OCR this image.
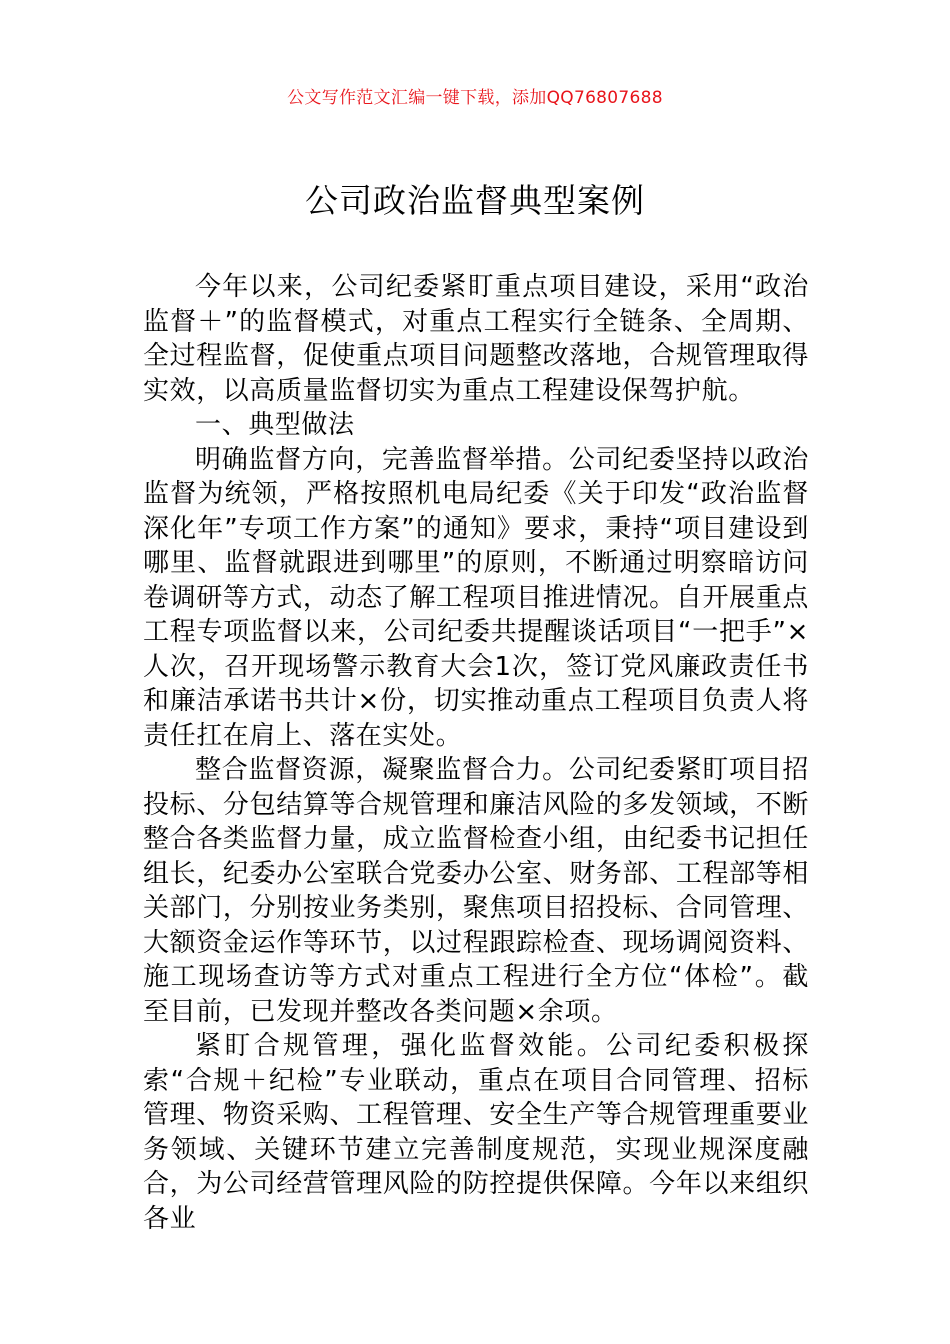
公文写作范文汇编一键下载，添加QQ76807688
公司政治监督典型案例

今年以来，公司纪委紧盯重点项目建设，采用“政治监督＋”的监督模式，对重点工程实行全链条、全周期、全过程监督，促使重点项目问题整改落地，合规管理取得实效，以高质量监督切实为重点工程建设保驾护航。

一、典型做法

明确监督方向，完善监督举措。公司纪委坚持以政治监督为统领，严格按照机电局纪委《关于印发“政治监督深化年”专项工作方案”的通知》要求，秉持“项目建设到哪里、监督就跟进到哪里”的原则，不断通过明察暗访问卷调研等方式，动态了解工程项目推进情况。自开展重点工程专项监督以来，公司纪委共提醒谈话项目“一把手”×人次，召开现场警示教育大会1次，签订党风廉政责任书和廉洁承诺书共计×份，切实推动重点工程项目负责人将责任扛在肩上、落在实处。

整合监督资源，凝聚监督合力。公司纪委紧盯项目招投标、分包结算等合规管理和廉洁风险的多发领域，不断整合各类监督力量，成立监督检查小组，由纪委书记担任组长，纪委办公室联合党委办公室、财务部、工程部等相关部门，分别按业务类别，聚焦项目招投标、合同管理、大额资金运作等环节，以过程跟踪检查、现场调阅资料、施工现场查访等方式对重点工程进行全方位“体检”。截至目前，已发现并整改各类问题×余项。

紧盯合规管理，强化监督效能。公司纪委积极探索“合规＋纪检”专业联动，重点在项目合同管理、招标管理、物资采购、工程管理、安全生产等合规管理重要业务领域、关键环节建立完善制度规范，实现业规深度融合，为公司经营管理风险的防控提供保障。今年以来组织各业
